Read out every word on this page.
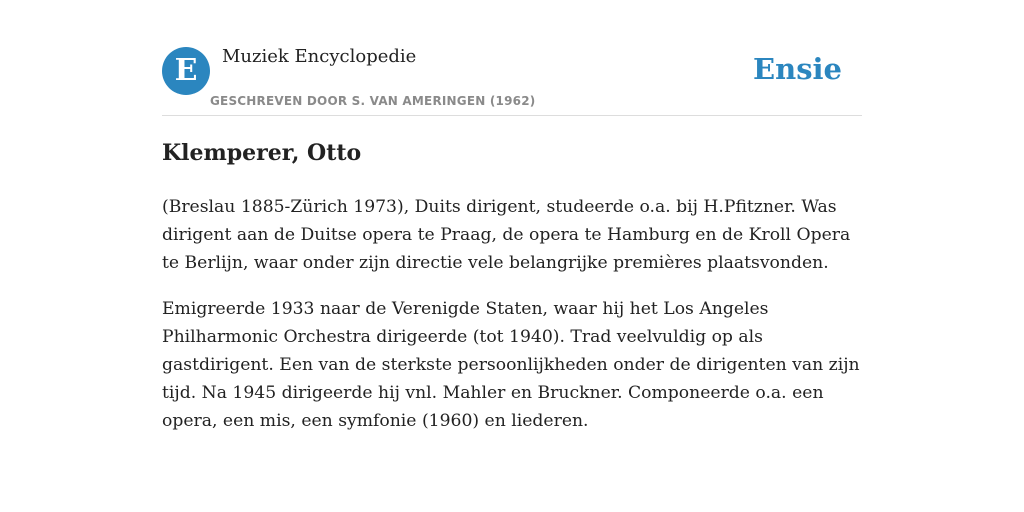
E	Muziek Encyclopedie
GESCHREVEN DOOR S. VAN AMERINGEN (1962)
Ensie
Klemperer, Otto

(Breslau 1885-Zürich 1973), Duits dirigent, studeerde o.a. bij H.Pfitzner. Was dirigent aan de Duitse opera te Praag, de opera te Hamburg en de Kroll Opera te Berlijn, waar onder zijn directie vele belangrijke premières plaatsvonden.

Emigreerde 1933 naar de Verenigde Staten, waar hij het Los Angeles Philharmonic Orchestra dirigeerde (tot 1940). Trad veelvuldig op als gastdirigent. Een van de sterkste persoonlijkheden onder de dirigenten van zijn tijd. Na 1945 dirigeerde hij vnl. Mahler en Bruckner. Componeerde o.a. een opera, een mis, een symfonie (1960) en liederen.
